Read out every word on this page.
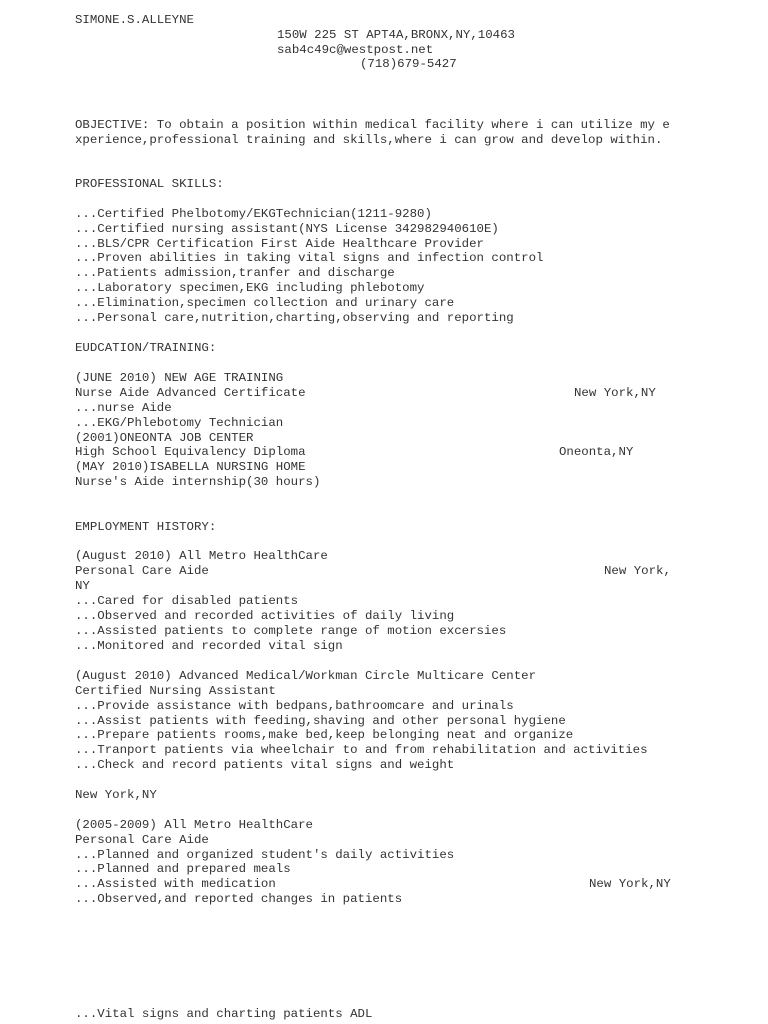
SIMONE.S.ALLEYNE
150W 225 ST APT4A,BRONX,NY,10463
sab4c49c@westpost.net
(718)679-5427
OBJECTIVE: To obtain a position within medical facility where i can utilize my e
xperience,professional training and skills,where i can grow and develop within.
PROFESSIONAL SKILLS:
...Certified Phelbotomy/EKGTechnician(1211-9280)
...Certified nursing assistant(NYS License 342982940610E)
...BLS/CPR Certification First Aide Healthcare Provider
...Proven abilities in taking vital signs and infection control
...Patients admission,tranfer and discharge
...Laboratory specimen,EKG including phlebotomy
...Elimination,specimen collection and urinary care
...Personal care,nutrition,charting,observing and reporting
EUDCATION/TRAINING:
(JUNE 2010) NEW AGE TRAINING
Nurse Aide Advanced Certificate	New York,NY
...nurse Aide
...EKG/Phlebotomy Technician
(2001)ONEONTA JOB CENTER
High School Equivalency Diploma	Oneonta,NY
(MAY 2010)ISABELLA NURSING HOME
Nurse's Aide internship(30 hours)
EMPLOYMENT HISTORY:
(August 2010) All Metro HealthCare
Personal Care Aide	New York,
NY
...Cared for disabled patients
...Observed and recorded activities of daily living
...Assisted patients to complete range of motion excersies
...Monitored and recorded vital sign
(August 2010) Advanced Medical/Workman Circle Multicare Center
Certified Nursing Assistant
...Provide assistance with bedpans,bathroomcare and urinals
...Assist patients with feeding,shaving and other personal hygiene
...Prepare patients rooms,make bed,keep belonging neat and organize
...Tranport patients via wheelchair to and from rehabilitation and activities
...Check and record patients vital signs and weight
New York,NY
(2005-2009) All Metro HealthCare
Personal Care Aide
...Planned and organized student's daily activities
...Planned and prepared meals
...Assisted with medication	New York,NY
...Observed,and reported changes in patients
...Vital signs and charting patients ADL
